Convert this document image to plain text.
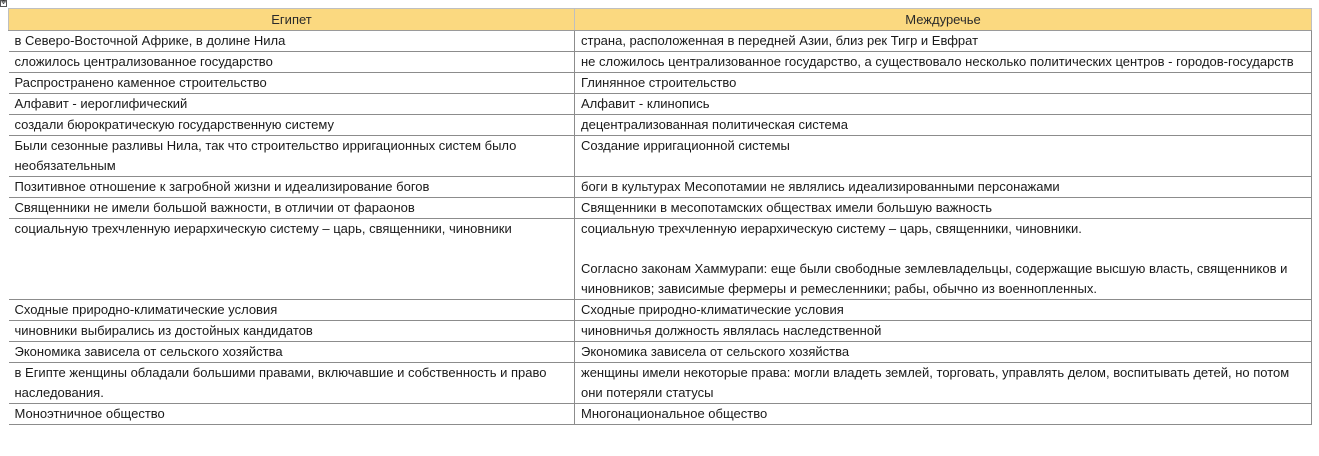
✥
Египет	Междуречье
в Северо-Восточной Африке, в долине Нила	страна, расположенная в передней Азии, близ рек Тигр и Евфрат
сложилось централизованное государство	не сложилось централизованное государство, а существовало несколько политических центров - городов-государств
Распространено каменное строительство	Глинянное строительство
Алфавит - иероглифический	Алфавит - клинопись
создали бюрократическую государственную систему	децентрализованная политическая система
Были сезонные разливы Нила, так что строительство ирригационных систем было необязательным	Создание ирригационной системы
Позитивное отношение к загробной жизни и идеализирование богов	боги в культурах Месопотамии не являлись идеализированными персонажами
Священники не имели большой важности, в отличии от фараонов	Священники в месопотамских обществах имели большую важность
социальную трехчленную иерархическую систему – царь, священники, чиновники	социальную трехчленную иерархическую систему – царь, священники, чиновники.
Согласно законам Хаммурапи: еще были свободные землевладельцы, содержащие высшую власть, священников и чиновников; зависимые фермеры и ремесленники; рабы, обычно из военнопленных.

Сходные природно-климатические условия	Сходные природно-климатические условия
чиновники выбирались из достойных кандидатов	чиновничья должность являлась наследственной
Экономика зависела от сельского хозяйства	Экономика зависела от сельского хозяйства
в Египте женщины обладали большими правами, включавшие и собственность и право наследования.	женщины имели некоторые права: могли владеть землей, торговать, управлять делом, воспитывать детей, но потом они потеряли статусы
Моноэтничное общество	Многонациональное общество
